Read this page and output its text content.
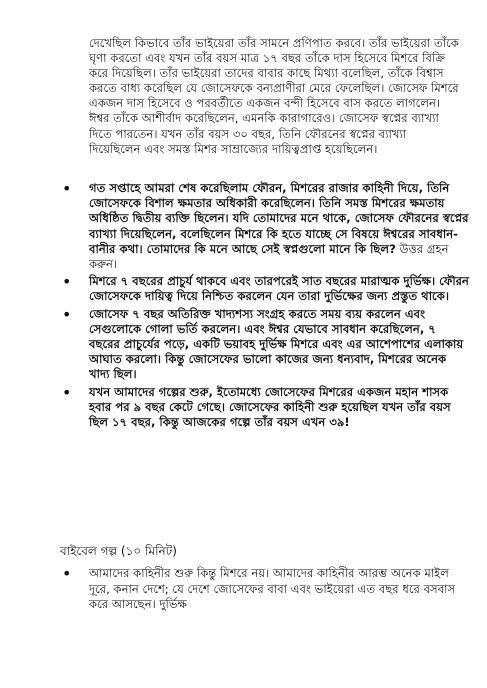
দেখেছিল কিভাবে তাঁর ভাইয়েরা তাঁর সামনে প্রণিপাত করবে। তাঁর ভাইয়েরা তাঁকে ঘৃণা করতো এবং যখন তাঁর বয়স মাত্র ১৭ বছর তাঁকে দাস হিসেবে মিশরে বিক্রি করে দিয়েছিল। তাঁর ভাইয়েরা তাদের বাবার কাছে মিথ্যা বলেছিল, তাঁকে বিশ্বাস করতে বাধ্য করেছিল যে জোসেফকে বন্যপ্রাণীরা মেরে ফেলেছিল। জোসেফ মিশরে একজন দাস হিসেবে ও পরবর্তীতে একজন বন্দী হিসেবে বাস করতে লাগলেন। ঈশ্বর তাঁকে আশীর্বাদ করেছিলেন, এমনকি কারাগারেও। জোসেফ স্বপ্নের ব্যাখ্যা দিতে পারতেন। যখন তাঁর বয়স ৩০ বছর, তিনি ফৌরনের স্বপ্নের ব্যাখ্যা দিয়েছিলেন এবং সমস্ত মিশর সাম্রাজ্যের দায়িত্বপ্রাপ্ত হয়েছিলেন।

• গত সপ্তাহে আমরা শেষ করেছিলাম ফৌরন, মিশরের রাজার কাহিনী দিয়ে, তিনি জোসেফকে বিশাল ক্ষমতার অধিকারী করেছিলেন। তিনি সমস্ত মিশরের ক্ষমতায় অধিষ্ঠিত দ্বিতীয় ব্যক্তি ছিলেন। যদি তোমাদের মনে থাকে, জোসেফ ফৌরনের স্বপ্নের ব্যাখ্যা দিয়েছিলেন, বলেছিলেন মিশরে কি হতে যাচ্ছে সে বিষয়ে ঈশ্বরের সাবধান-বানীর কথা। তোমাদের কি মনে আছে সেই স্বপ্নগুলো মানে কি ছিল? উত্তর গ্রহন করুন।
• মিশরে ৭ বছরের প্রাচুর্য থাকবে এবং তারপরেই সাত বছরের মারাত্মক দুর্ভিক্ষ। ফৌরন জোসেফকে দায়িত্ব দিয়ে নিশ্চিত করলেন যেন তারা দুর্ভিক্ষের জন্য প্রস্তুত থাকে।
• জোসেফ ৭ বছর অতিরিক্ত খাদ্যশস্য সংগ্রহ করতে সময় ব্যয় করলেন এবং সেগুলোকে গোলা ভর্তি করলেন। এবং ঈশ্বর যেভাবে সাবধান করেছিলেন, ৭ বছরের প্রাচুর্যের পড়ে, একটি ভয়াবহ দুর্ভিক্ষ মিশরে এবং এর আশেপাশের এলাকায় আঘাত করলো। কিন্তু জোসেফের ভালো কাজের জন্য ধন্যবাদ, মিশরের অনেক খাদ্য ছিল।
• যখন আমাদের গল্পের শুরু, ইতোমধ্যে জোসেফের মিশরের একজন মহান শাসক হবার পর ৯ বছর কেটে গেছে। জোসেফের কাহিনী শুরু হয়েছিল যখন তাঁর বয়স ছিল ১৭ বছর, কিন্তু আজকের গল্পে তাঁর বয়স এখন ৩৯!
বাইবেল গল্প (১০ মিনিট)
• আমাদের কাহিনীর শুরু কিন্তু মিশরে নয়। আমাদের কাহিনীর আরম্ভ অনেক মাইল দূরে, কনান দেশে; যে দেশে জোসেফের বাবা এবং ভাইয়েরা এত বছর ধরে বসবাস করে আসছেন। দুর্ভিক্ষ
